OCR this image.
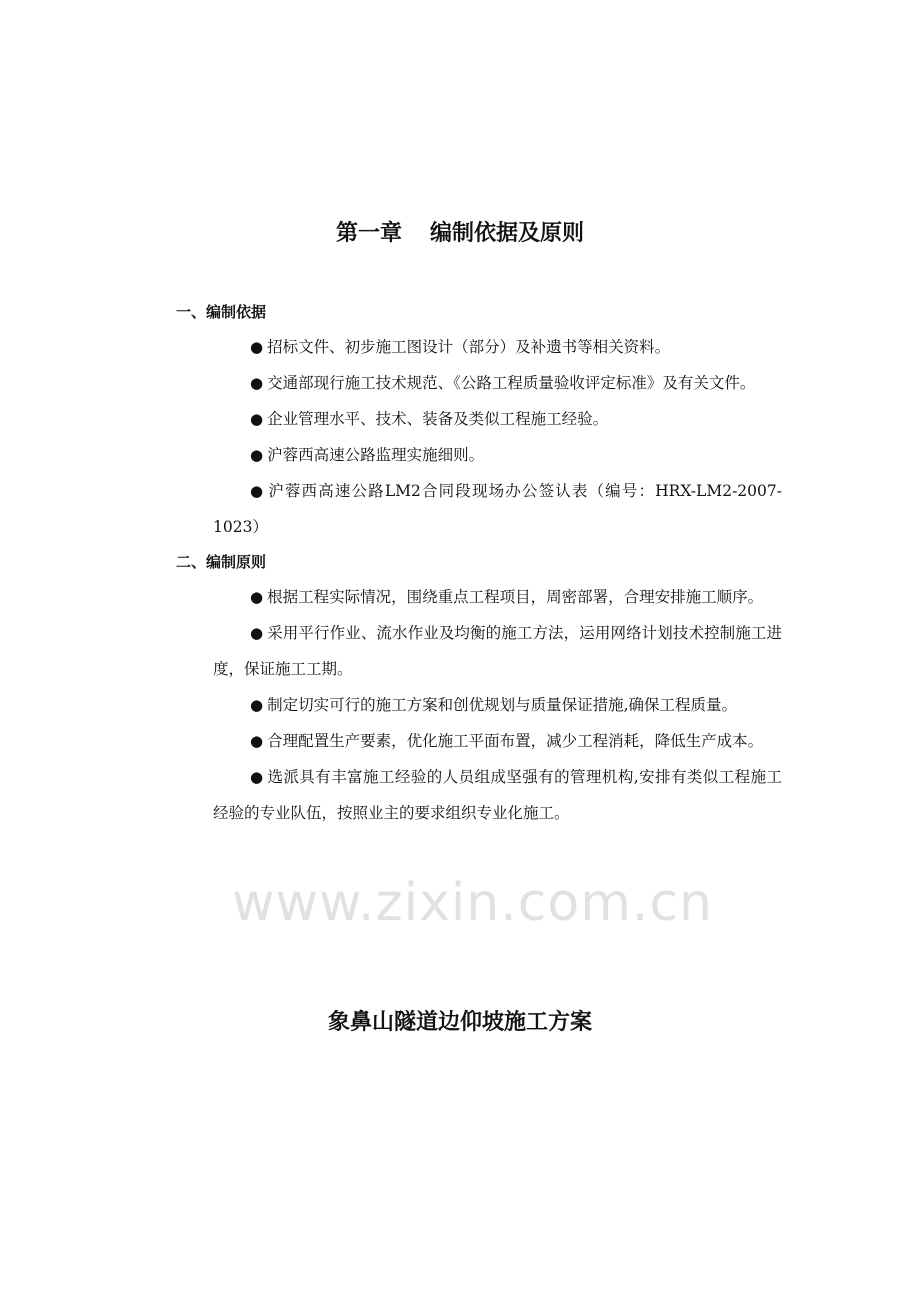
第一章 编制依据及原则
一、编制依据
● 招标文件、初步施工图设计（部分）及补遗书等相关资料。
● 交通部现行施工技术规范、《公路工程质量验收评定标准》及有关文件。
● 企业管理水平、技术、装备及类似工程施工经验。
● 沪蓉西高速公路监理实施细则。
● 沪蓉西高速公路LM2合同段现场办公签认表（编号：HRX-LM2-2007-1023）
二、编制原则
● 根据工程实际情况，围绕重点工程项目，周密部署，合理安排施工顺序。
● 采用平行作业、流水作业及均衡的施工方法，运用网络计划技术控制施工进度，保证施工工期。
● 制定切实可行的施工方案和创优规划与质量保证措施,确保工程质量。
● 合理配置生产要素，优化施工平面布置，减少工程消耗，降低生产成本。
● 选派具有丰富施工经验的人员组成坚强有的管理机构,安排有类似工程施工经验的专业队伍，按照业主的要求组织专业化施工。
www.zixin.com.cn
象鼻山隧道边仰坡施工方案
